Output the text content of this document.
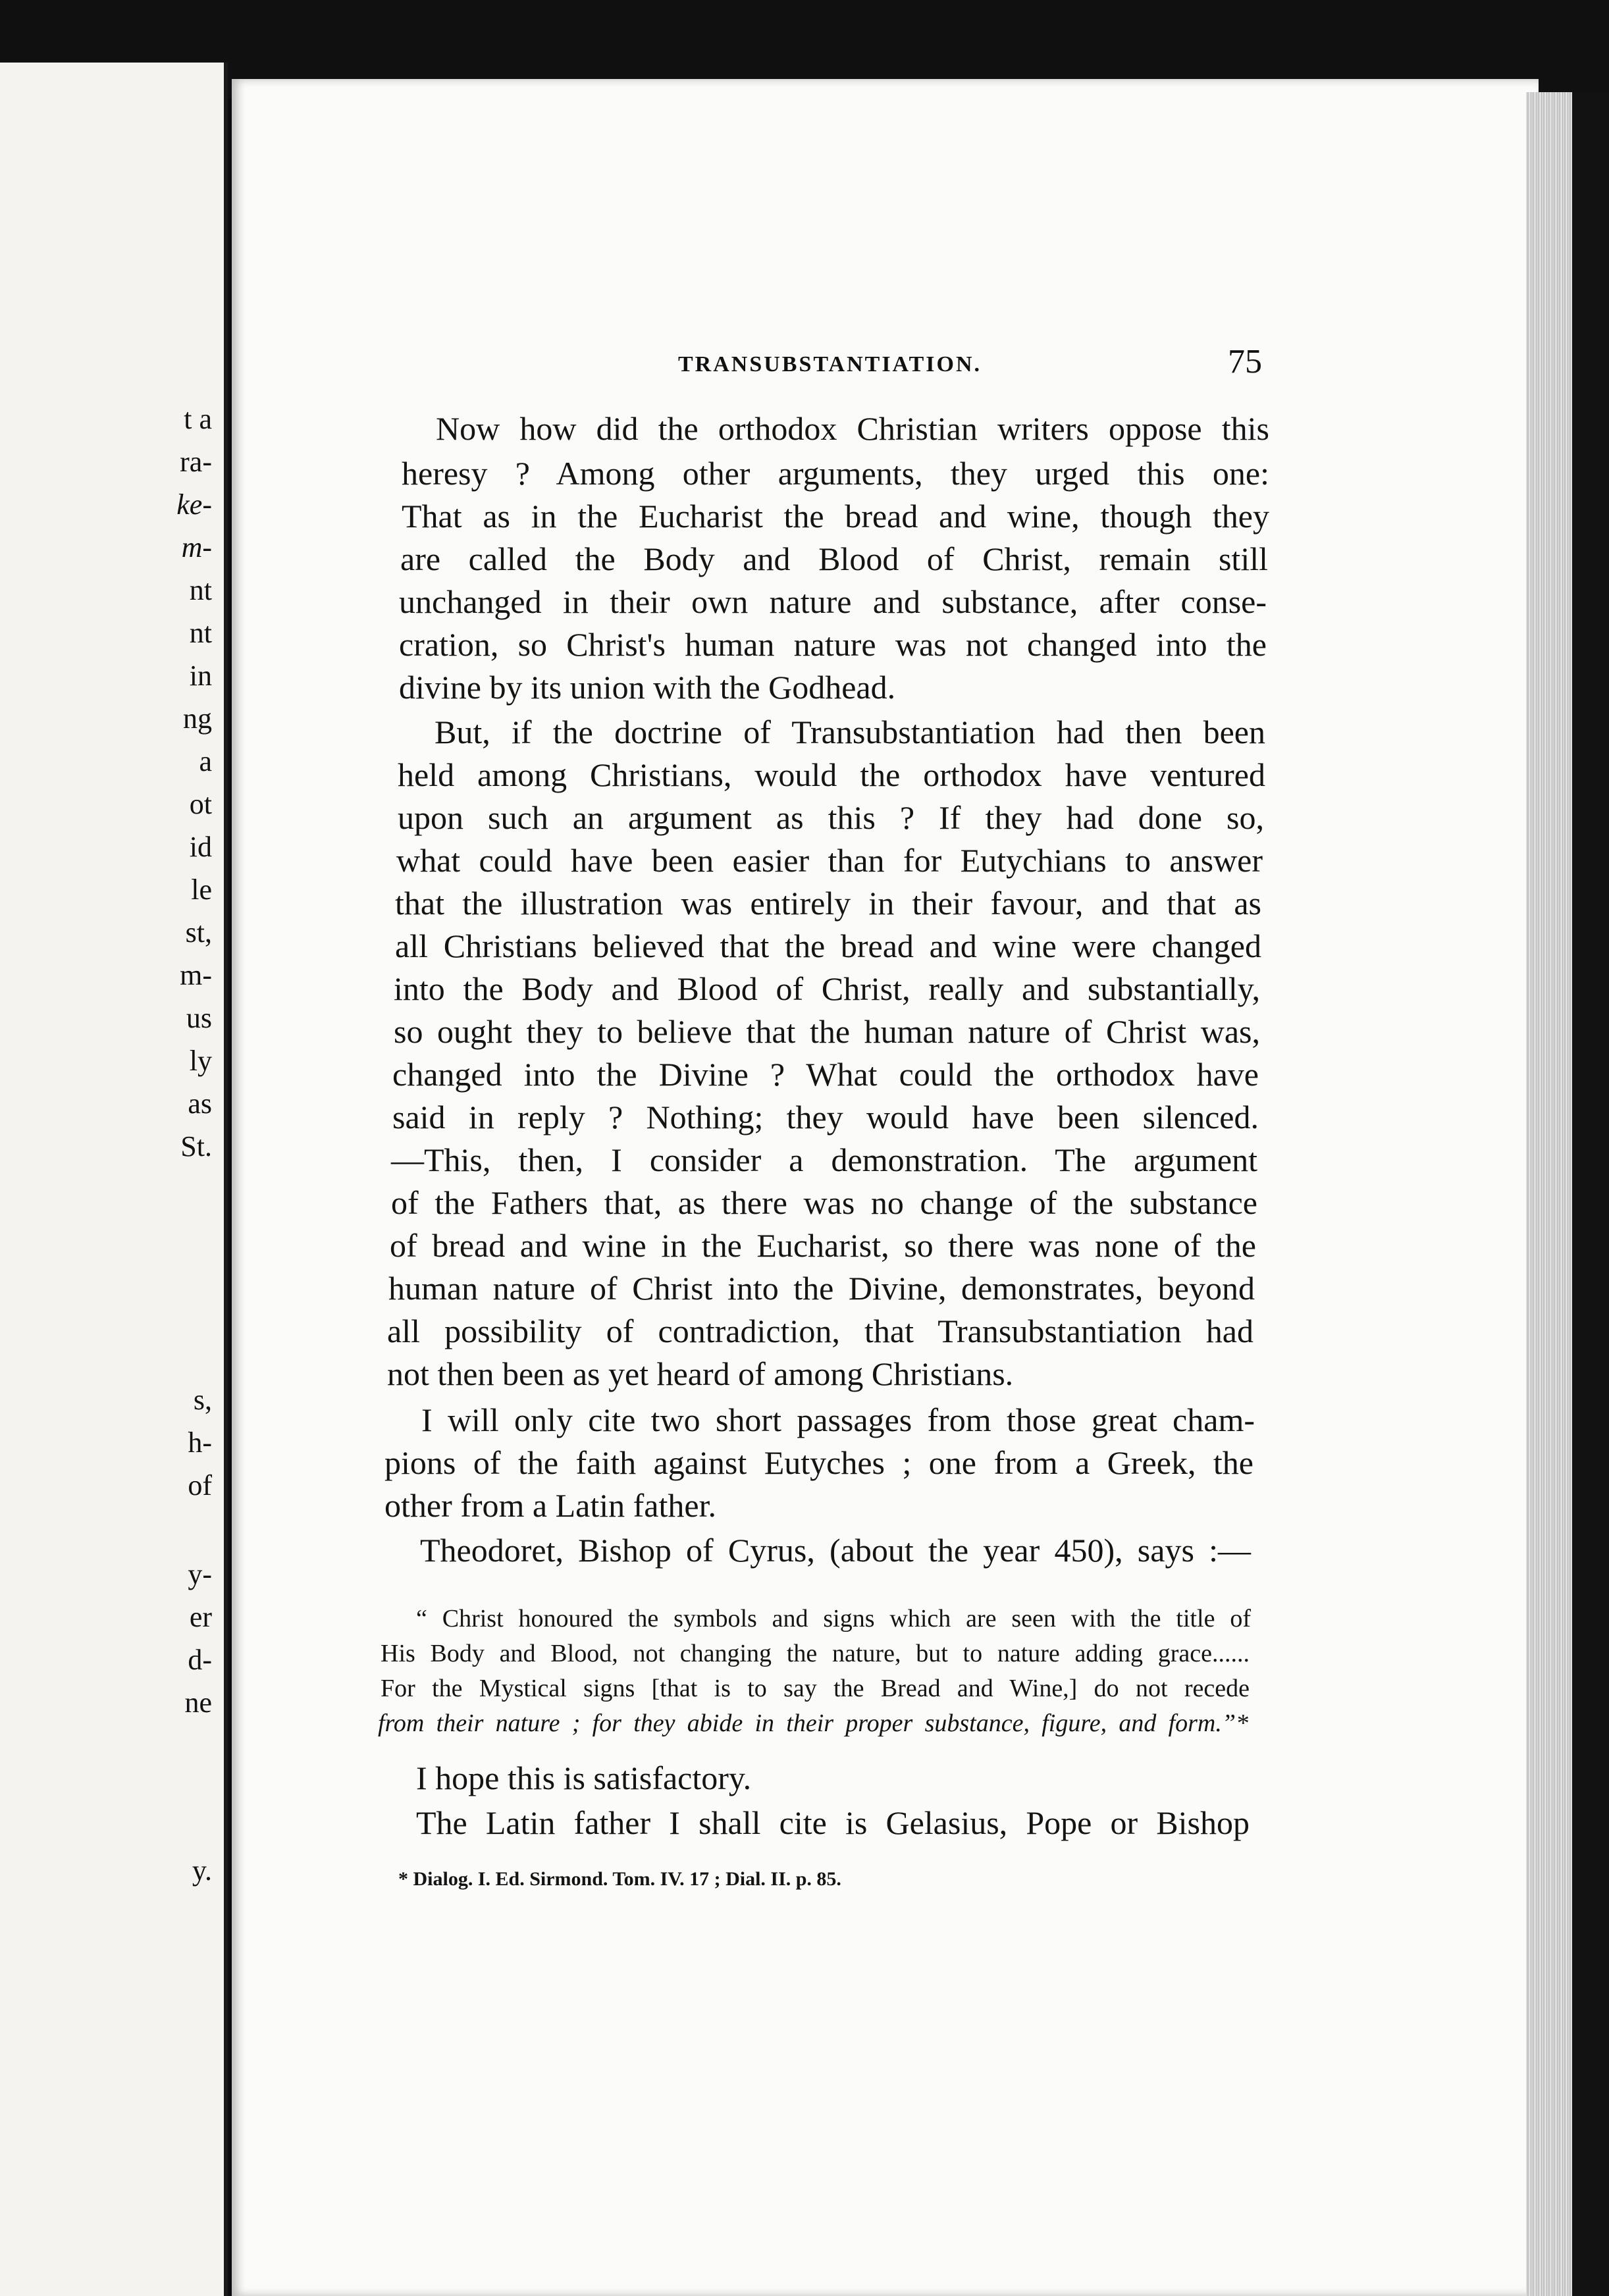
t a
ra-
ke-
m-
nt
nt
in
ng
a
ot
id
le
st,
m-
us
ly
as
St.
s,
h-
of
y-
er
d-
ne
y.
TRANSUBSTANTIATION.	75
Now how did the orthodox Christian writers oppose this
heresy ? Among other arguments, they urged this one:
That as in the Eucharist the bread and wine, though they
are called the Body and Blood of Christ, remain still
unchanged in their own nature and substance, after conse-
cration, so Christ's human nature was not changed into the
divine by its union with the Godhead.
But, if the doctrine of Transubstantiation had then been
held among Christians, would the orthodox have ventured
upon such an argument as this ? If they had done so,
what could have been easier than for Eutychians to answer
that the illustration was entirely in their favour, and that as
all Christians believed that the bread and wine were changed
into the Body and Blood of Christ, really and substantially,
so ought they to believe that the human nature of Christ was,
changed into the Divine ? What could the orthodox have
said in reply ? Nothing; they would have been silenced.
—This, then, I consider a demonstration. The argument
of the Fathers that, as there was no change of the substance
of bread and wine in the Eucharist, so there was none of the
human nature of Christ into the Divine, demonstrates, beyond
all possibility of contradiction, that Transubstantiation had
not then been as yet heard of among Christians.
I will only cite two short passages from those great cham-
pions of the faith against Eutyches ; one from a Greek, the
other from a Latin father.
Theodoret, Bishop of Cyrus, (about the year 450), says :—
“ Christ honoured the symbols and signs which are seen with the title of
His Body and Blood, not changing the nature, but to nature adding grace......
For the Mystical signs [that is to say the Bread and Wine,] do not recede
from their nature ; for they abide in their proper substance, figure, and form.”*
I hope this is satisfactory.
The Latin father I shall cite is Gelasius, Pope or Bishop
* Dialog. I. Ed. Sirmond. Tom. IV. 17 ; Dial. II. p. 85.
